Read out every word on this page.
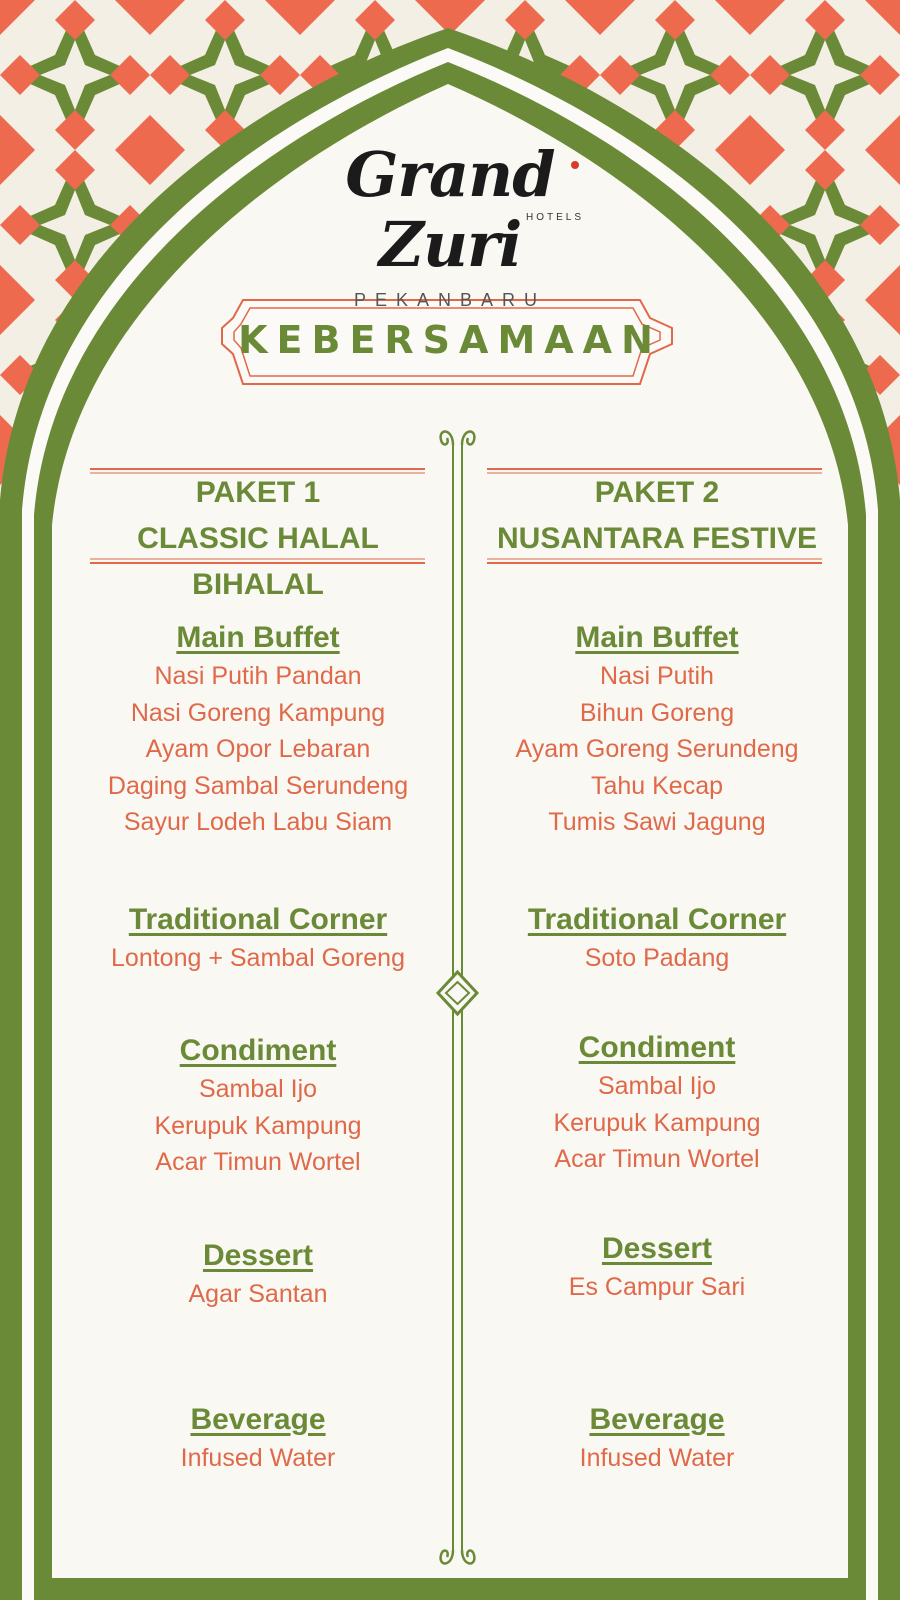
Grand Zuri HOTELS
PEKANBARU
KEBERSAMAAN
PAKET 1
CLASSIC HALAL BIHALAL
Main Buffet
Nasi Putih Pandan
Nasi Goreng Kampung
Ayam Opor Lebaran
Daging Sambal Serundeng
Sayur Lodeh Labu Siam
Traditional Corner
Lontong + Sambal Goreng
Condiment
Sambal Ijo
Kerupuk Kampung
Acar Timun Wortel
Dessert
Agar Santan
Beverage
Infused Water
PAKET 2
NUSANTARA FESTIVE
Main Buffet
Nasi Putih
Bihun Goreng
Ayam Goreng Serundeng
Tahu Kecap
Tumis Sawi Jagung
Traditional Corner
Soto Padang
Condiment
Sambal Ijo
Kerupuk Kampung
Acar Timun Wortel
Dessert
Es Campur Sari
Beverage
Infused Water
